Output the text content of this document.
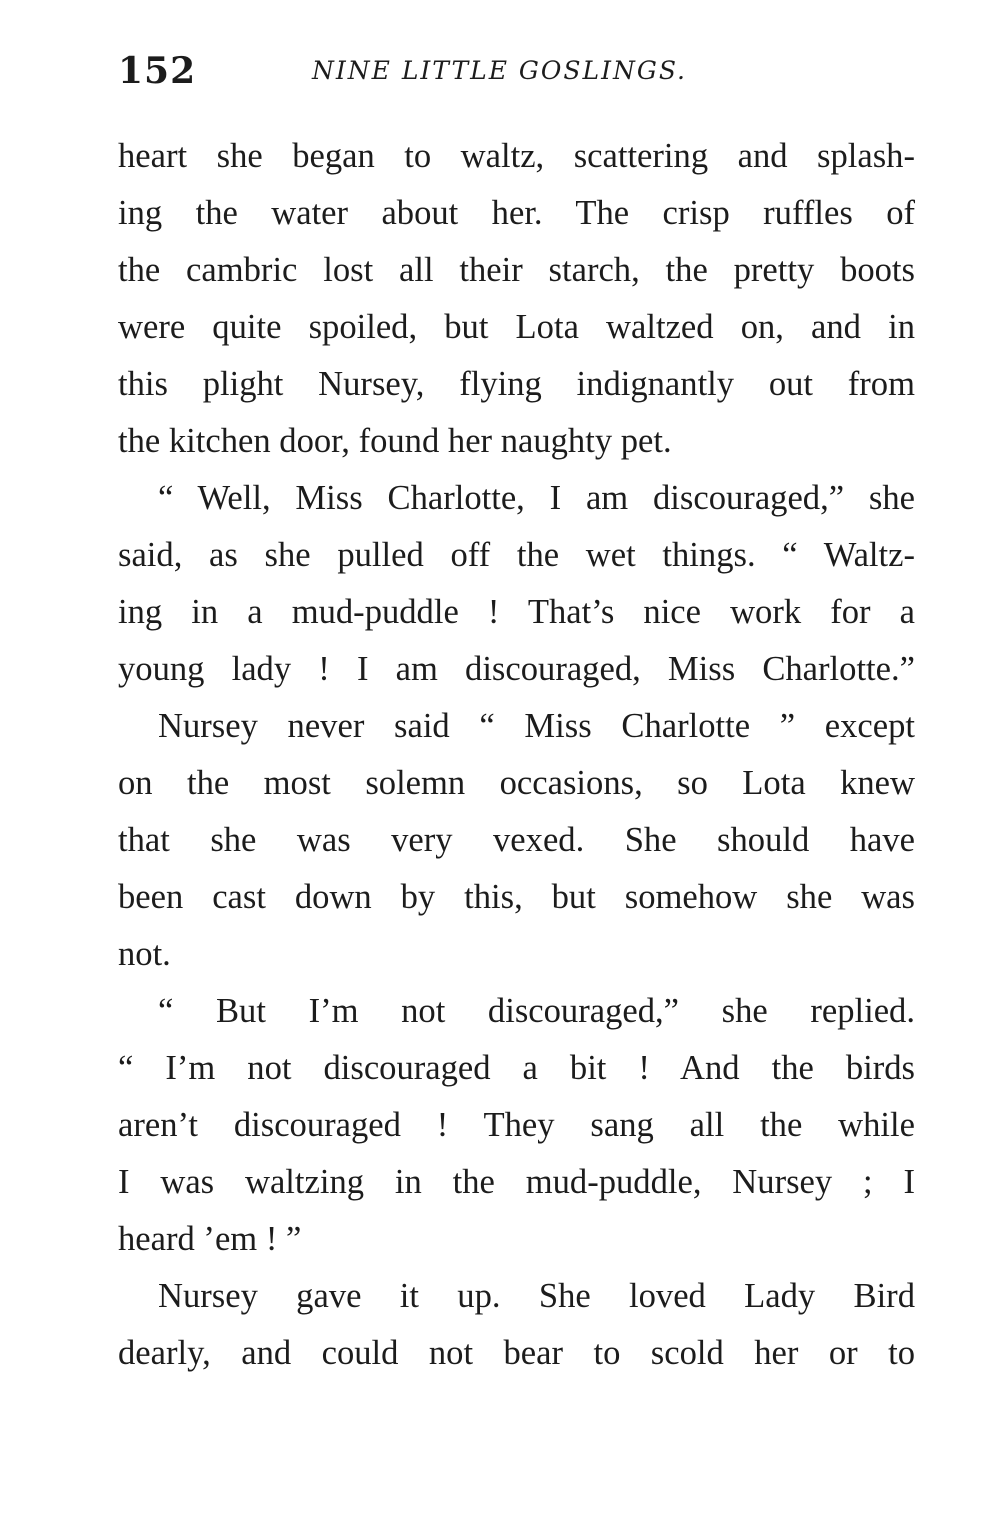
152	NINE LITTLE GOSLINGS.
heart she began to waltz, scattering and splash-
ing the water about her. The crisp ruffles of
the cambric lost all their starch, the pretty boots
were quite spoiled, but Lota waltzed on, and in
this plight Nursey, flying indignantly out from
the kitchen door, found her naughty pet.
“ Well, Miss Charlotte, I am discouraged,” she
said, as she pulled off the wet things. “ Waltz-
ing in a mud-puddle ! That’s nice work for a
young lady ! I am discouraged, Miss Charlotte.”
Nursey never said “ Miss Charlotte ” except
on the most solemn occasions, so Lota knew
that she was very vexed. She should have
been cast down by this, but somehow she was
not.
“ But I’m not discouraged,” she replied.
“ I’m not discouraged a bit ! And the birds
aren’t discouraged ! They sang all the while
I was waltzing in the mud-puddle, Nursey ; I
heard ’em ! ”
Nursey gave it up. She loved Lady Bird
dearly, and could not bear to scold her or to
